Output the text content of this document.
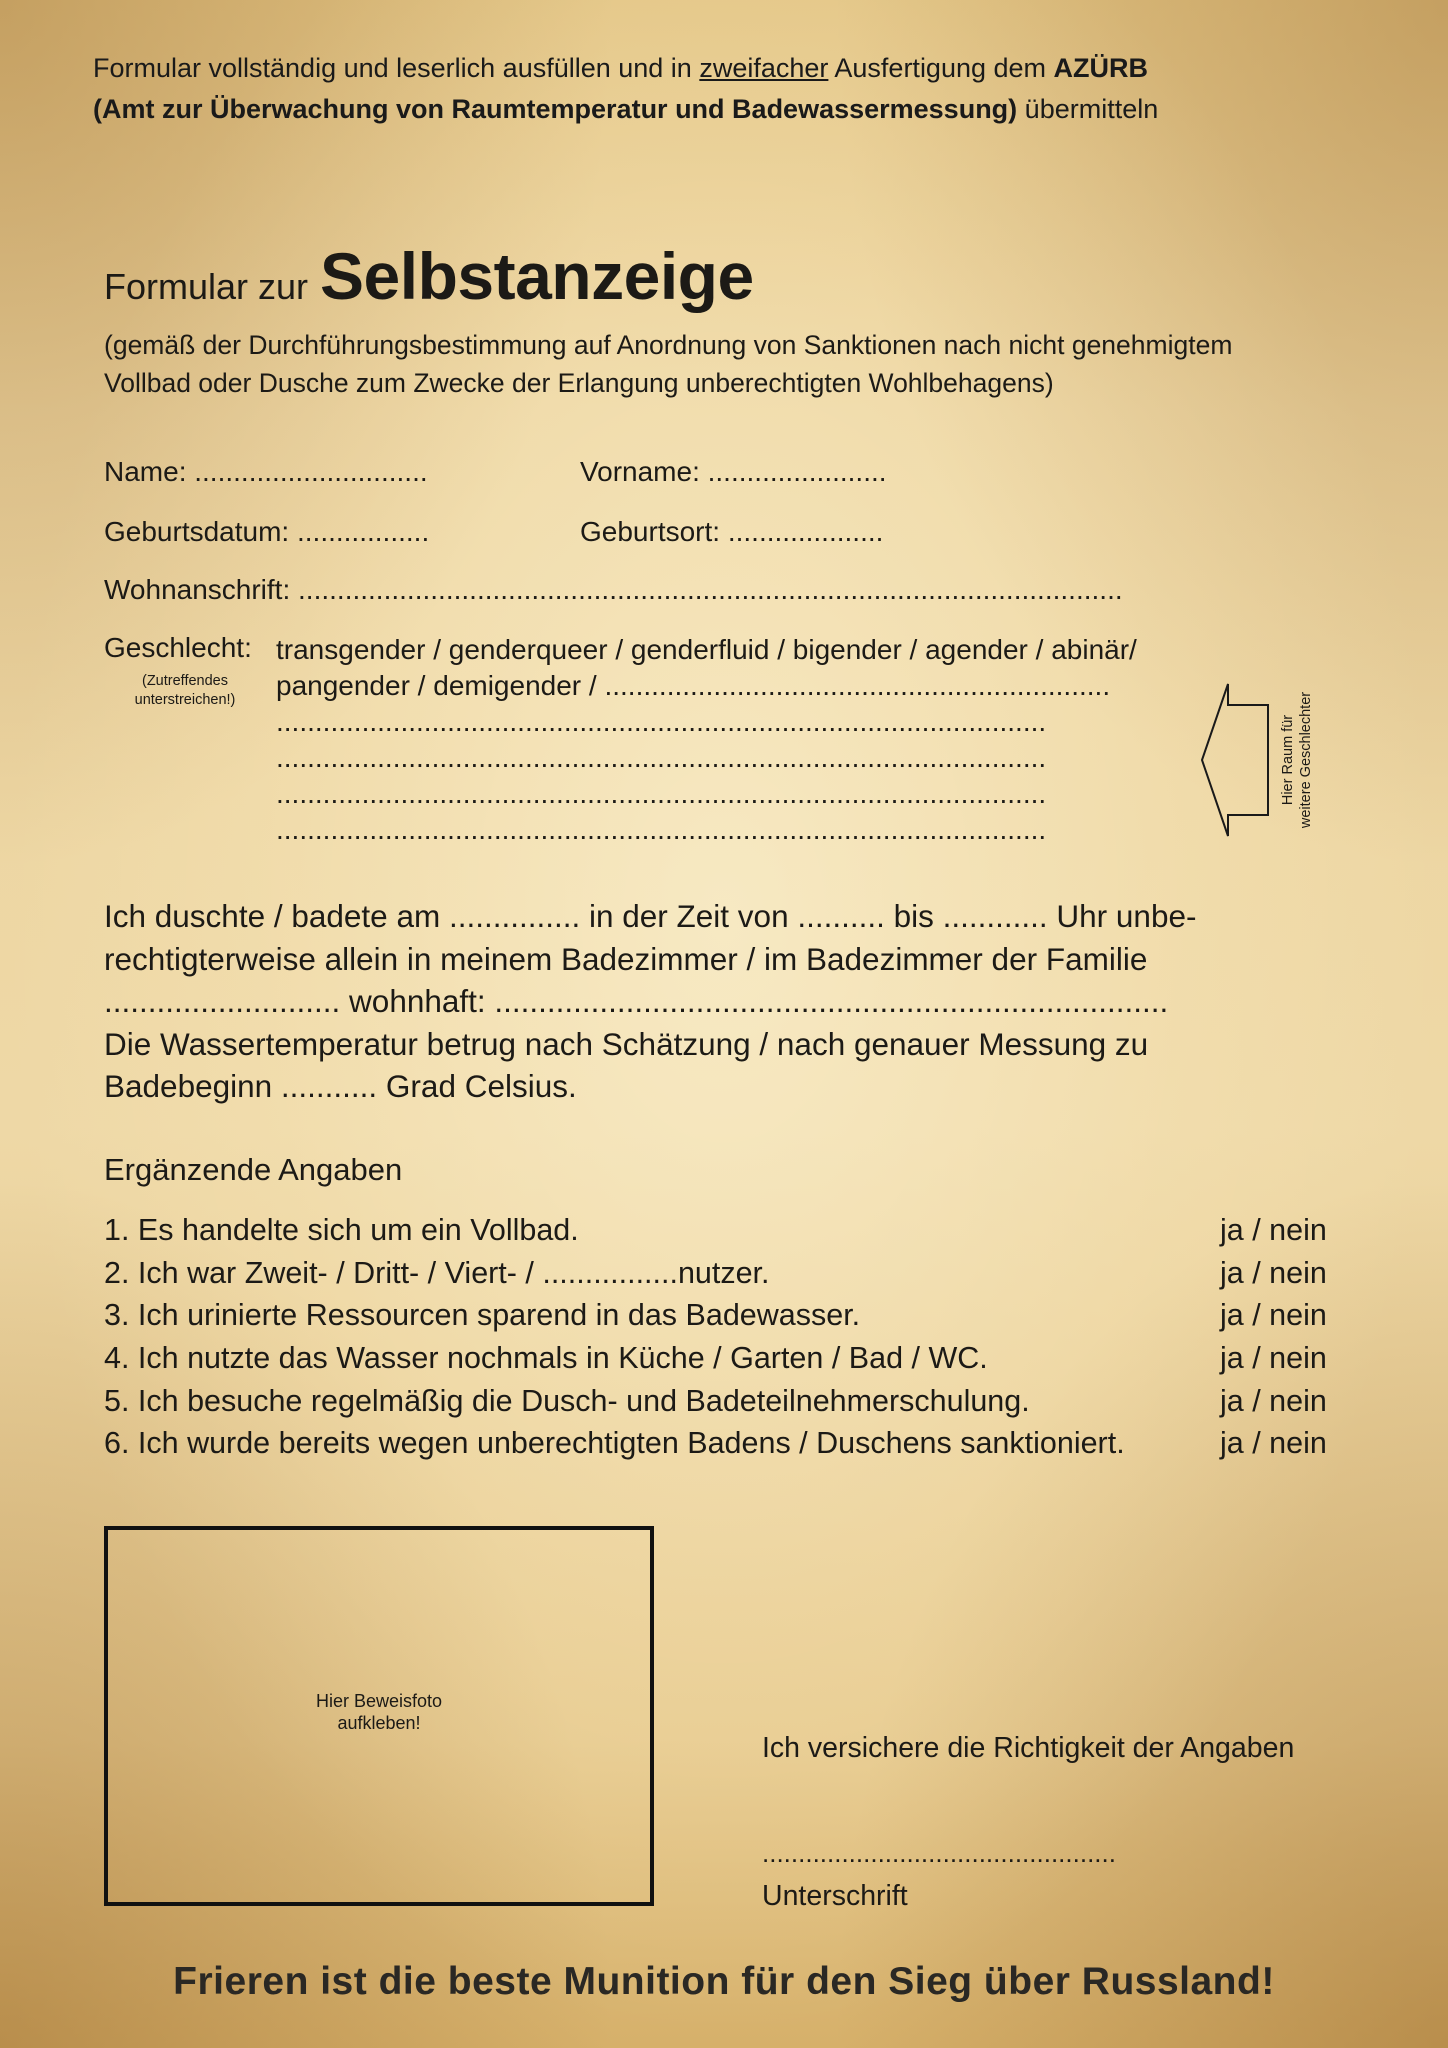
Formular vollständig und leserlich ausfüllen und in zweifacher Ausfertigung dem AZÜRB
(Amt zur Überwachung von Raumtemperatur und Badewassermessung) übermitteln
Formular zur Selbstanzeige
(gemäß der Durchführungsbestimmung auf Anordnung von Sanktionen nach nicht genehmigtem
Vollbad oder Dusche zum Zwecke der Erlangung unberechtigten Wohlbehagens)
Name: ..............................	Vorname: .......................
Geburtsdatum: .................	Geburtsort: ....................
Wohnanschrift: ..........................................................................................................
Geschlecht:
(Zutreffendes unterstreichen!)
transgender / genderqueer / genderfluid / bigender / agender / abinär/
pangender / demigender / .................................................................
...................................................................................................
...................................................................................................
...................................................................................................
...................................................................................................
Hier Raum für weitere Geschlechter
Ich duschte / badete am ............... in der Zeit von .......... bis ............ Uhr unbe-
rechtigterweise allein in meinem Badezimmer / im Badezimmer der Familie
........................... wohnhaft: .............................................................................
Die Wassertemperatur betrug nach Schätzung / nach genauer Messung zu
Badebeginn ........... Grad Celsius.
Ergänzende Angaben
1. Es handelte sich um ein Vollbad.	ja / nein
2. Ich war Zweit- / Dritt- / Viert- / ................nutzer.	ja / nein
3. Ich urinierte Ressourcen sparend in das Badewasser.	ja / nein
4. Ich nutzte das Wasser nochmals in Küche / Garten / Bad / WC.	ja / nein
5. Ich besuche regelmäßig die Dusch- und Badeteilnehmerschulung.	ja / nein
6. Ich wurde bereits wegen unberechtigten Badens / Duschens sanktioniert.	ja / nein
Hier Beweisfoto
aufkleben!
Ich versichere die Richtigkeit der Angaben
.................................................
Unterschrift
Frieren ist die beste Munition für den Sieg über Russland!
